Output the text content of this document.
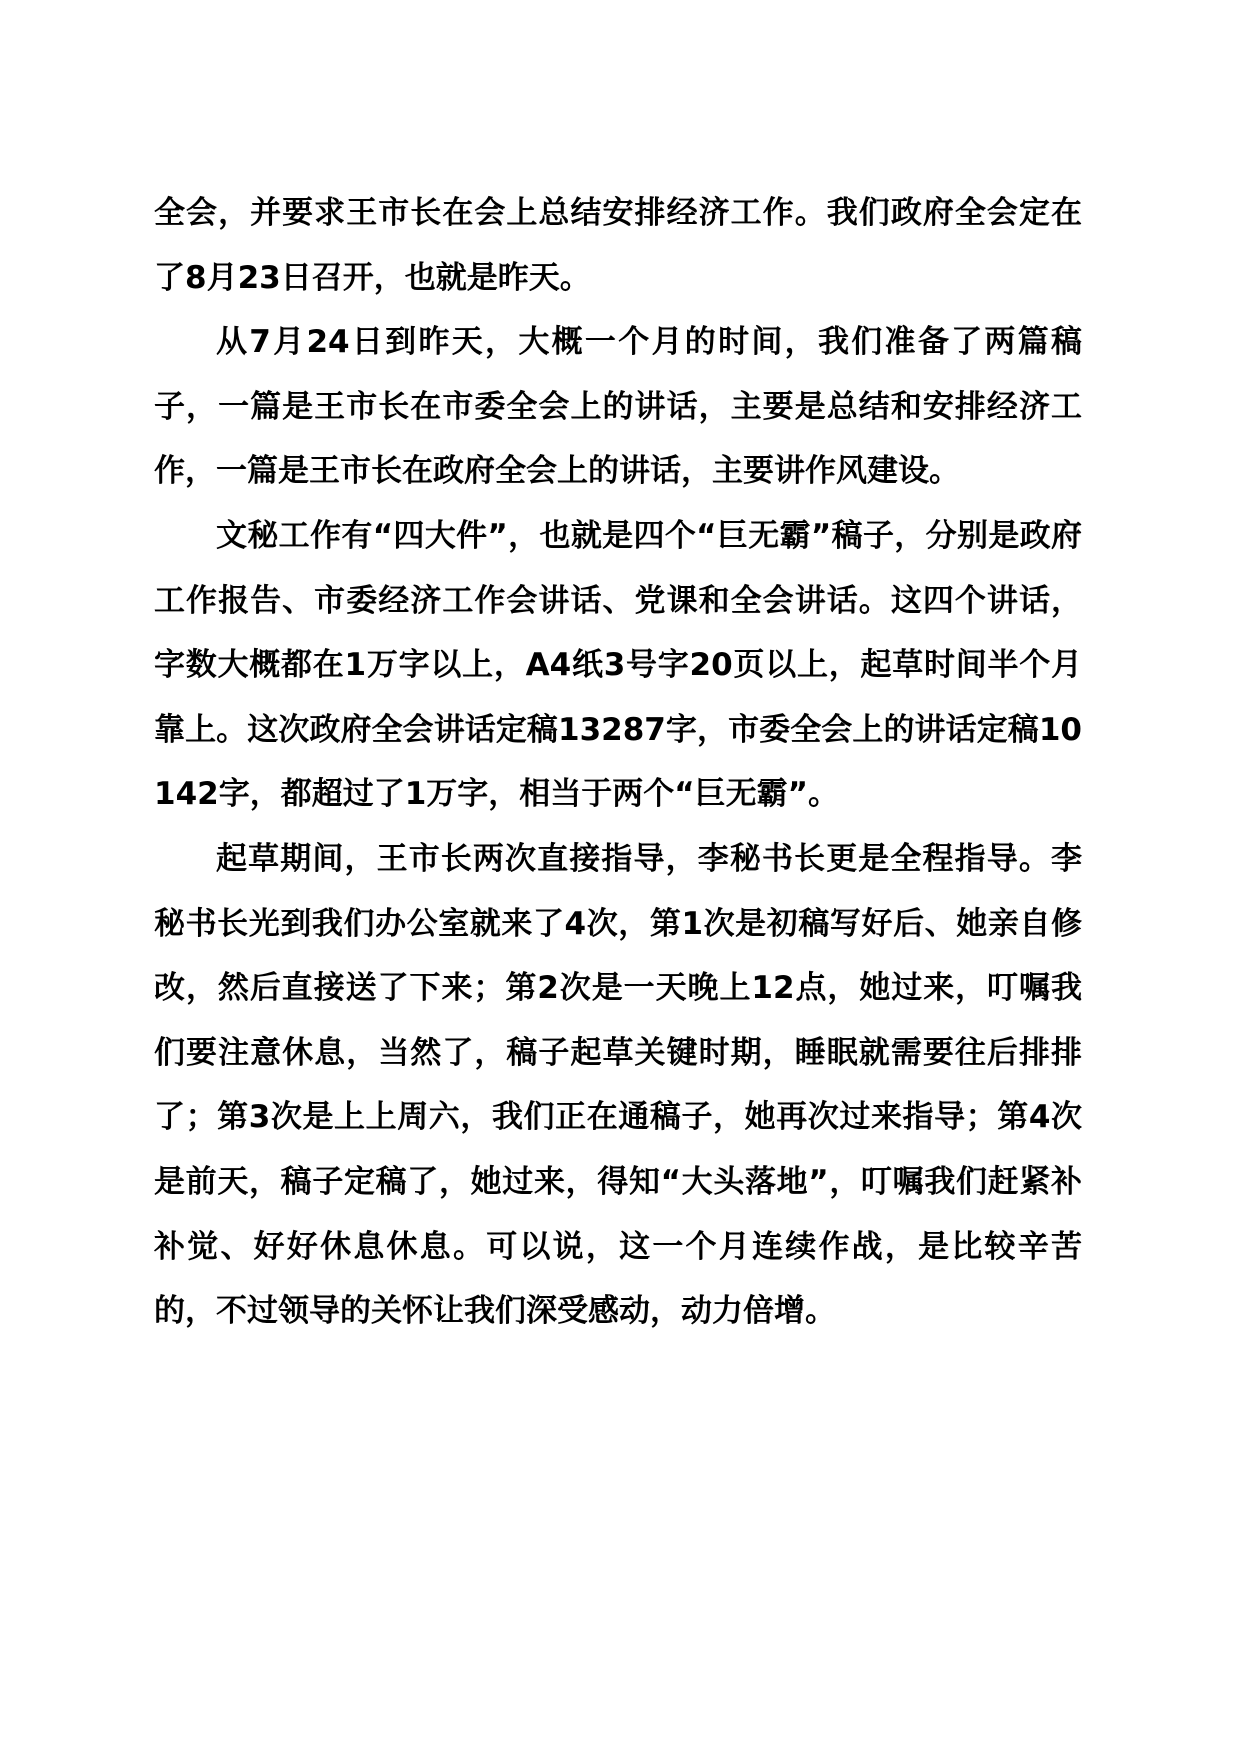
全会，并要求王市长在会上总结安排经济工作。我们政府全会定在了8月23日召开，也就是昨天。

从7月24日到昨天，大概一个月的时间，我们准备了两篇稿子，一篇是王市长在市委全会上的讲话，主要是总结和安排经济工作，一篇是王市长在政府全会上的讲话，主要讲作风建设。

文秘工作有“四大件”，也就是四个“巨无霸”稿子，分别是政府工作报告、市委经济工作会讲话、党课和全会讲话。这四个讲话，字数大概都在1万字以上，A4纸3号字20页以上，起草时间半个月靠上。这次政府全会讲话定稿13287字，市委全会上的讲话定稿10142字，都超过了1万字，相当于两个“巨无霸”。

起草期间，王市长两次直接指导，李秘书长更是全程指导。李秘书长光到我们办公室就来了4次，第1次是初稿写好后、她亲自修改，然后直接送了下来；第2次是一天晚上12点，她过来，叮嘱我们要注意休息，当然了，稿子起草关键时期，睡眠就需要往后排排了；第3次是上上周六，我们正在通稿子，她再次过来指导；第4次是前天，稿子定稿了，她过来，得知“大头落地”，叮嘱我们赶紧补补觉、好好休息休息。可以说，这一个月连续作战，是比较辛苦的，不过领导的关怀让我们深受感动，动力倍增。
